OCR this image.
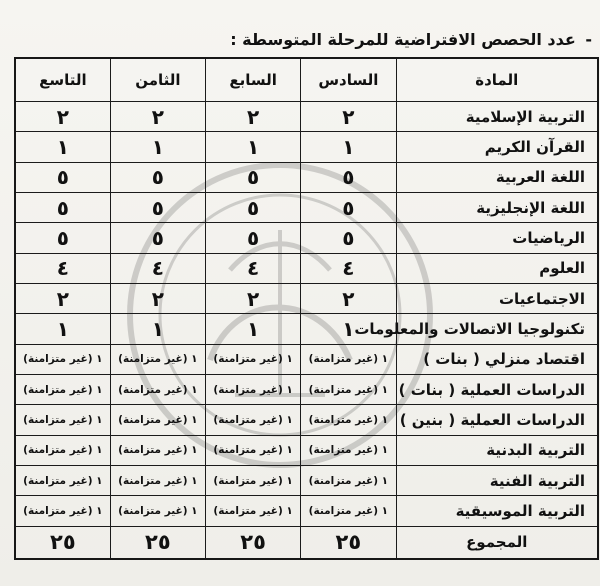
- عدد الحصص الافتراضية للمرحلة المتوسطة :
المادة	السادس	السابع	الثامن	التاسع
التربية الإسلامية	٢	٢	٢	٢
القرآن الكريم	١	١	١	١
اللغة العربية	٥	٥	٥	٥
اللغة الإنجليزية	٥	٥	٥	٥
الرياضيات	٥	٥	٥	٥
العلوم	٤	٤	٤	٤
الاجتماعيات	٢	٢	٢	٢
تكنولوجيا الاتصالات والمعلومات	١	١	١	١
اقتصاد منزلي ( بنات )	١ (غير متزامنة)	١ (غير متزامنة)	١ (غير متزامنة)	١ (غير متزامنة)
الدراسات العملية ( بنات )	١ (غير متزامنة)	١ (غير متزامنة)	١ (غير متزامنة)	١ (غير متزامنة)
الدراسات العملية ( بنين )	١ (غير متزامنة)	١ (غير متزامنة)	١ (غير متزامنة)	١ (غير متزامنة)
التربية البدنية	١ (غير متزامنة)	١ (غير متزامنة)	١ (غير متزامنة)	١ (غير متزامنة)
التربية الفنية	١ (غير متزامنة)	١ (غير متزامنة)	١ (غير متزامنة)	١ (غير متزامنة)
التربية الموسيقية	١ (غير متزامنة)	١ (غير متزامنة)	١ (غير متزامنة)	١ (غير متزامنة)
المجموع	٢٥	٢٥	٢٥	٢٥
